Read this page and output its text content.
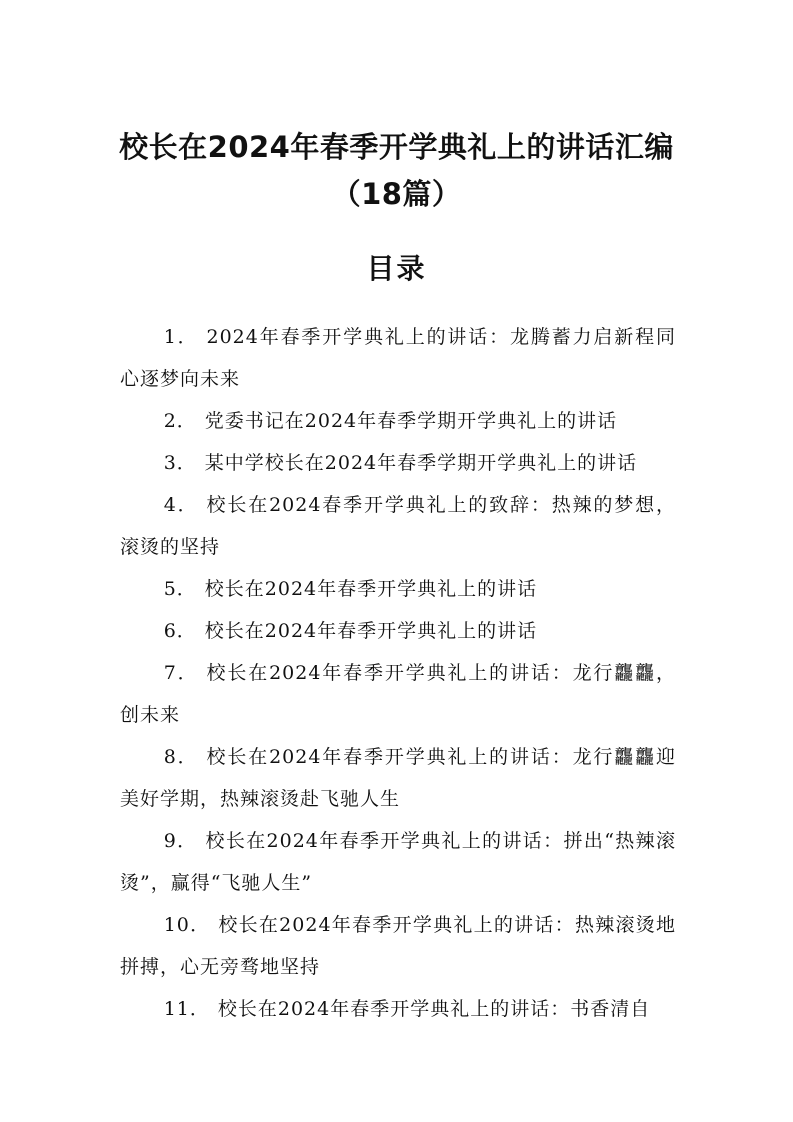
校长在2024年春季开学典礼上的讲话汇编
（18篇）
目录
1． 2024年春季开学典礼上的讲话：龙腾蓄力启新程同心逐梦向未来
2． 党委书记在2024年春季学期开学典礼上的讲话
3． 某中学校长在2024年春季学期开学典礼上的讲话
4． 校长在2024春季开学典礼上的致辞：热辣的梦想，滚烫的坚持
5． 校长在2024年春季开学典礼上的讲话
6． 校长在2024年春季开学典礼上的讲话
7． 校长在2024年春季开学典礼上的讲话：龙行龘龘，创未来
8． 校长在2024年春季开学典礼上的讲话：龙行龘龘迎美好学期，热辣滚烫赴飞驰人生
9． 校长在2024年春季开学典礼上的讲话：拼出“热辣滚烫”，赢得“飞驰人生”
10． 校长在2024年春季开学典礼上的讲话：热辣滚烫地拼搏，心无旁骛地坚持
11． 校长在2024年春季开学典礼上的讲话：书香清自
